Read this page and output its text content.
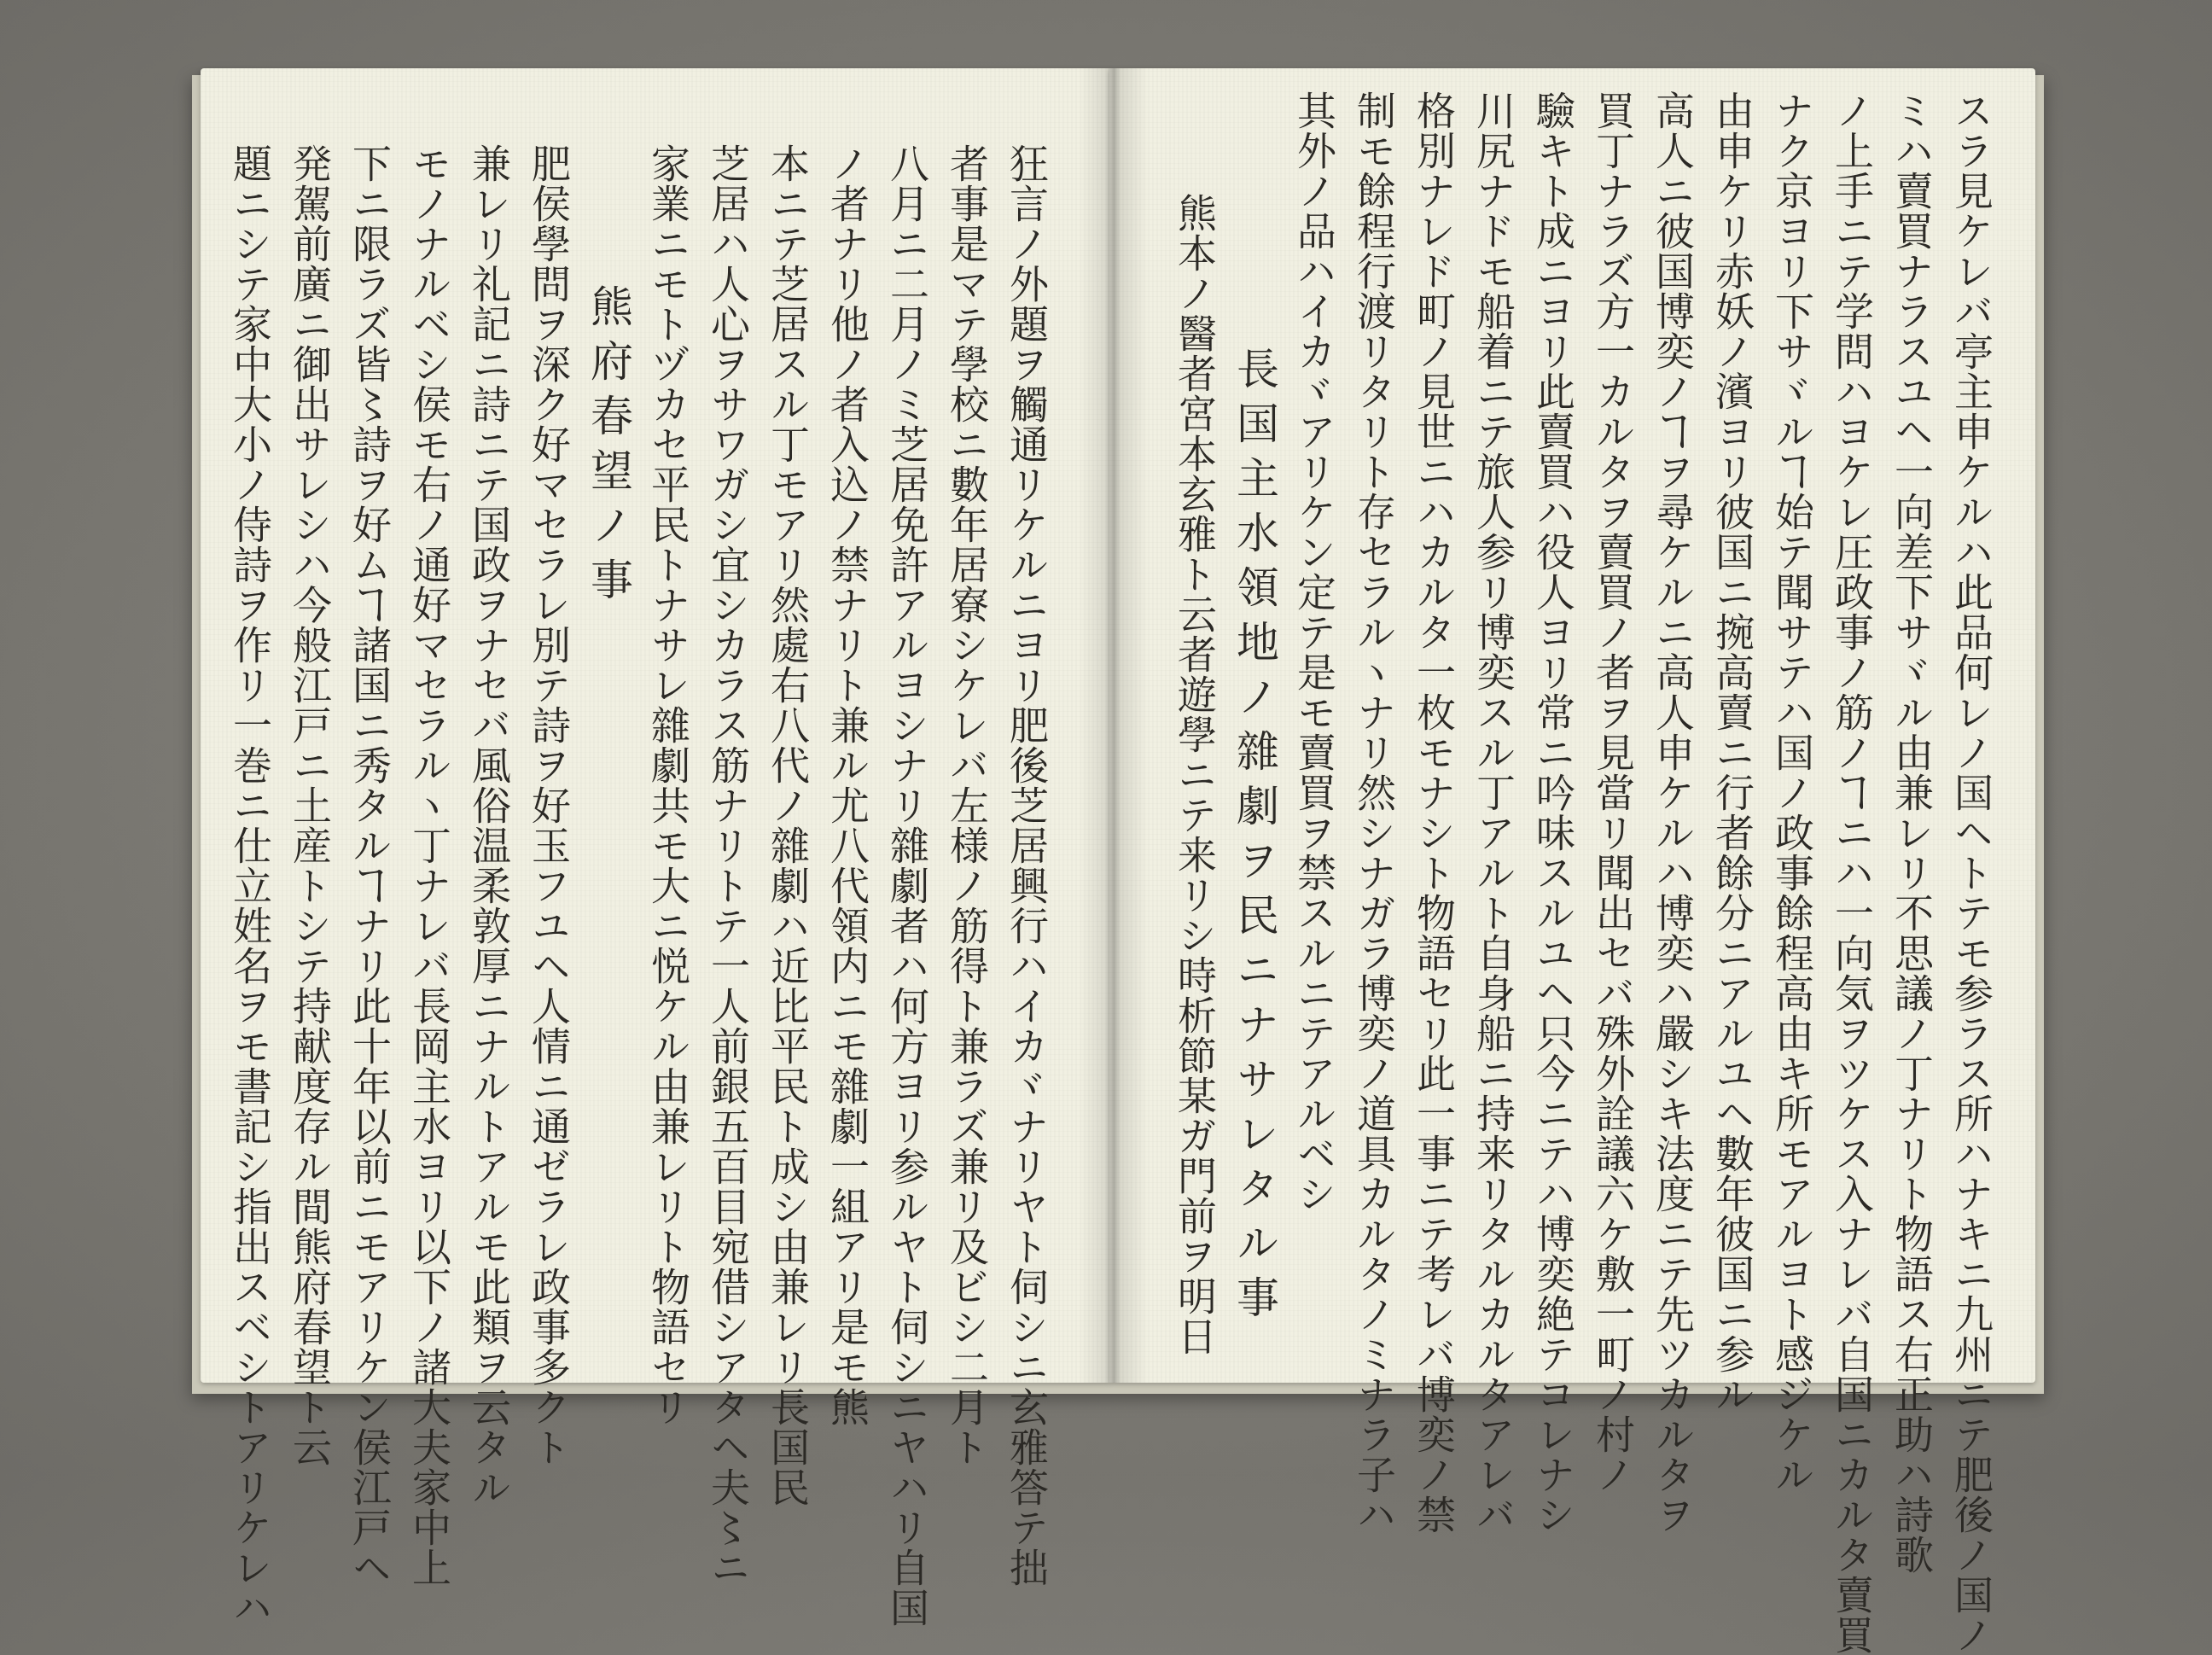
狂言ノ外題ヲ觸通リケルニヨリ肥後芝居興行ハイカヾナリヤト伺シニ玄雅答テ拙
者事是マテ學校ニ數年居寮シケレバ左様ノ筋得ト兼ラズ兼リ及ビシ二月ト
八月ニ二月ノミ芝居免許アルヨシナリ雜劇者ハ何方ヨリ参ルヤト伺シニヤハリ自国
ノ者ナリ他ノ者入込ノ禁ナリト兼ル尤八代領内ニモ雜劇一組アリ是モ熊
本ニテ芝居スル丁モアリ然處右八代ノ雜劇ハ近比平民ト成シ由兼レリ長国民
芝居ハ人心ヲサワガシ宜シカラス筋ナリトテ一人前銀五百目宛借シアタヘ夫〻ニ
家業ニモトヅカセ平民トナサレ雜劇共モ大ニ悦ケル由兼レリト物語セリ
熊府春望ノ事
肥侯學問ヲ深ク好マセラレ別テ詩ヲ好玉フユヘ人情ニ通ゼラレ政事多クト
兼レリ礼記ニ詩ニテ国政ヲナセバ風俗温柔敦厚ニナルトアルモ此類ヲ云タル
モノナルベシ侯モ右ノ通好マセラルヽ丁ナレバ長岡主水ヨリ以下ノ諸大夫家中上
下ニ限ラズ皆〻詩ヲ好ムヿ諸国ニ秀タルヿナリ此十年以前ニモアリケン侯江戸ヘ
発駕前廣ニ御出サレシハ今般江戸ニ土産トシテ持献度存ル間熊府春望ト云
題ニシテ家中大小ノ侍詩ヲ作リ一巻ニ仕立姓名ヲモ書記シ指出スベシトアリケレハ	スラ見ケレバ亭主申ケルハ此品何レノ国ヘトテモ参ラス所ハナキニ九州ニテ肥後ノ国ノ
ミハ賣買ナラスユヘ一向差下サヾル由兼レリ不思議ノ丁ナリト物語ス右正助ハ詩歌
ノ上手ニテ学問ハヨケレ圧政事ノ筋ノヿニハ一向気ヲツケス入ナレバ自国ニカルタ賣買
ナク京ヨリ下サヾルヿ始テ聞サテハ国ノ政事餘程高由キ所モアルヨト感ジケル
由申ケリ赤妖ノ濱ヨリ彼国ニ捥高賣ニ行者餘分ニアルユヘ數年彼国ニ参ル
高人ニ彼国博奕ノヿヲ尋ケルニ高人申ケルハ博奕ハ嚴シキ法度ニテ先ツカルタヲ
買丁ナラズ方一カルタヲ賣買ノ者ヲ見當リ聞出セバ殊外詮議六ケ敷一町ノ村ノ
驗キト成ニヨリ此賣買ハ役人ヨリ常ニ吟味スルユヘ只今ニテハ博奕絶テコレナシ
川尻ナドモ船着ニテ旅人参リ博奕スル丁アルト自身船ニ持来リタルカルタアレバ
格別ナレド町ノ見世ニハカルタ一枚モナシト物語セリ此一事ニテ考レバ博奕ノ禁
制モ餘程行渡リタリト存セラルヽナリ然シナガラ博奕ノ道具カルタノミナラ子ハ
其外ノ品ハイカヾアリケン定テ是モ賣買ヲ禁スルニテアルベシ
長国主水領地ノ雜劇ヲ民ニナサレタル事
熊本ノ醫者宮本玄雅ト云者遊學ニテ来リシ時析節某ガ門前ヲ明日
